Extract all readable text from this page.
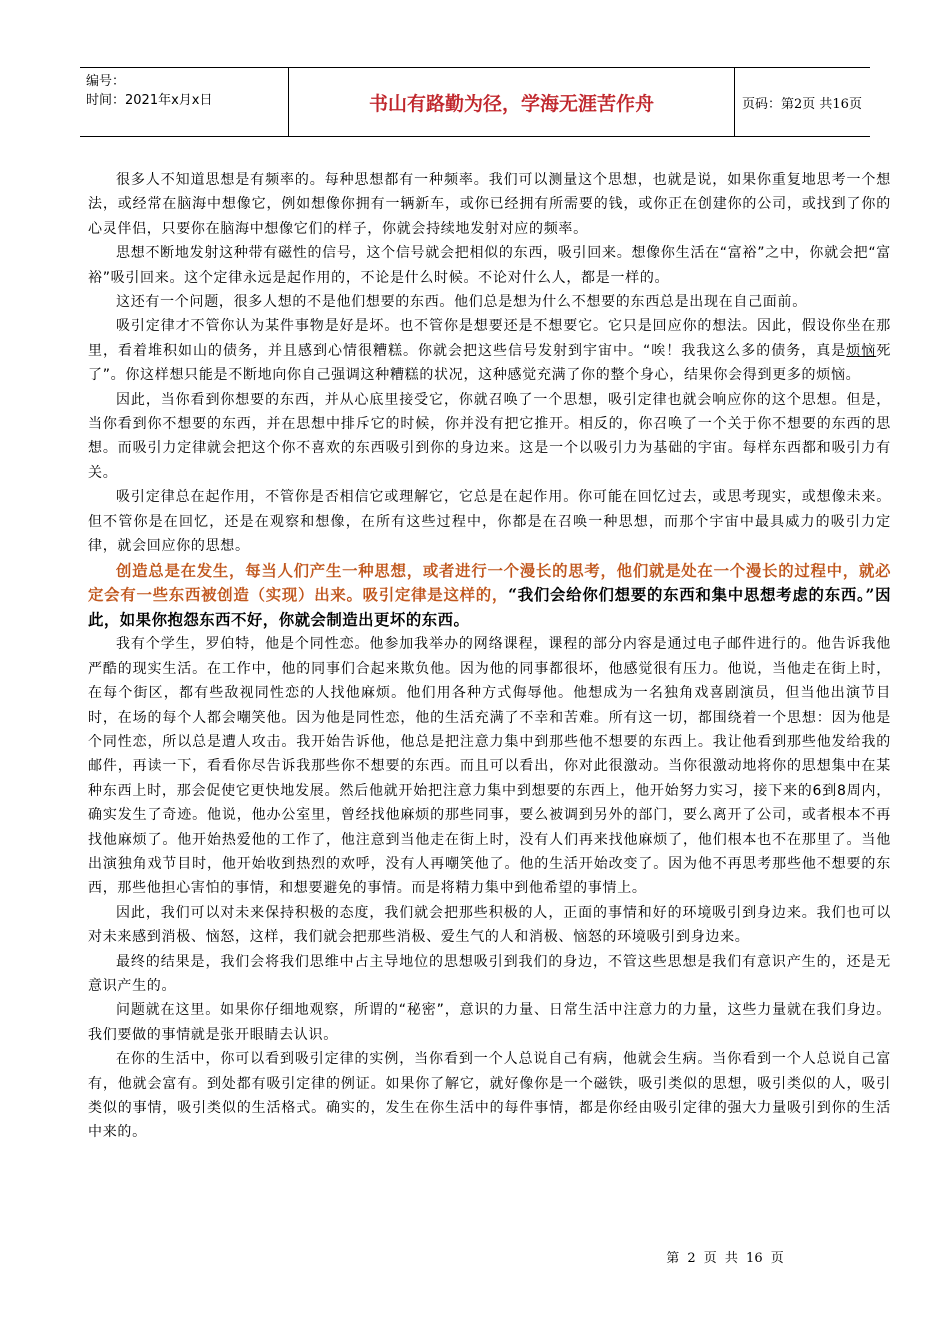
编号：
时间：2021年x月x日	书山有路勤为径，学海无涯苦作舟	页码：第2页 共16页

很多人不知道思想是有频率的。每种思想都有一种频率。我们可以测量这个思想，也就是说，如果你重复地思考一个想法，或经常在脑海中想像它，例如想像你拥有一辆新车，或你已经拥有所需要的钱，或你正在创建你的公司，或找到了你的心灵伴侣，只要你在脑海中想像它们的样子，你就会持续地发射对应的频率。

思想不断地发射这种带有磁性的信号，这个信号就会把相似的东西，吸引回来。想像你生活在“富裕”之中，你就会把“富裕”吸引回来。这个定律永远是起作用的，不论是什么时候。不论对什么人，都是一样的。

这还有一个问题，很多人想的不是他们想要的东西。他们总是想为什么不想要的东西总是出现在自己面前。

吸引定律才不管你认为某件事物是好是坏。也不管你是想要还是不想要它。它只是回应你的想法。因此，假设你坐在那里，看着堆积如山的债务，并且感到心情很糟糕。你就会把这些信号发射到宇宙中。“唉！我我这么多的债务，真是烦恼死了”。你这样想只能是不断地向你自己强调这种糟糕的状况，这种感觉充满了你的整个身心，结果你会得到更多的烦恼。

因此，当你看到你想要的东西，并从心底里接受它，你就召唤了一个思想，吸引定律也就会响应你的这个思想。但是，当你看到你不想要的东西，并在思想中排斥它的时候，你并没有把它推开。相反的，你召唤了一个关于你不想要的东西的思想。而吸引力定律就会把这个你不喜欢的东西吸引到你的身边来。这是一个以吸引力为基础的宇宙。每样东西都和吸引力有关。

吸引定律总在起作用，不管你是否相信它或理解它，它总是在起作用。你可能在回忆过去，或思考现实，或想像未来。但不管你是在回忆，还是在观察和想像，在所有这些过程中，你都是在召唤一种思想，而那个宇宙中最具威力的吸引力定律，就会回应你的思想。

创造总是在发生，每当人们产生一种思想，或者进行一个漫长的思考，他们就是处在一个漫长的过程中，就必定会有一些东西被创造（实现）出来。吸引定律是这样的，“我们会给你们想要的东西和集中思想考虑的东西。”因此，如果你抱怨东西不好，你就会制造出更坏的东西。

我有个学生，罗伯特，他是个同性恋。他参加我举办的网络课程，课程的部分内容是通过电子邮件进行的。他告诉我他严酷的现实生活。在工作中，他的同事们合起来欺负他。因为他的同事都很坏，他感觉很有压力。他说，当他走在街上时，在每个街区，都有些敌视同性恋的人找他麻烦。他们用各种方式侮辱他。他想成为一名独角戏喜剧演员，但当他出演节目时，在场的每个人都会嘲笑他。因为他是同性恋，他的生活充满了不幸和苦难。所有这一切，都围绕着一个思想：因为他是个同性恋，所以总是遭人攻击。我开始告诉他，他总是把注意力集中到那些他不想要的东西上。我让他看到那些他发给我的邮件，再读一下，看看你尽告诉我那些你不想要的东西。而且可以看出，你对此很激动。当你很激动地将你的思想集中在某种东西上时，那会促使它更快地发展。然后他就开始把注意力集中到想要的东西上，他开始努力实习，接下来的6到8周内，确实发生了奇迹。他说，他办公室里，曾经找他麻烦的那些同事，要么被调到另外的部门，要么离开了公司，或者根本不再找他麻烦了。他开始热爱他的工作了，他注意到当他走在街上时，没有人们再来找他麻烦了，他们根本也不在那里了。当他出演独角戏节目时，他开始收到热烈的欢呼，没有人再嘲笑他了。他的生活开始改变了。因为他不再思考那些他不想要的东西，那些他担心害怕的事情，和想要避免的事情。而是将精力集中到他希望的事情上。

因此，我们可以对未来保持积极的态度，我们就会把那些积极的人，正面的事情和好的环境吸引到身边来。我们也可以对未来感到消极、恼怒，这样，我们就会把那些消极、爱生气的人和消极、恼怒的环境吸引到身边来。

最终的结果是，我们会将我们思维中占主导地位的思想吸引到我们的身边，不管这些思想是我们有意识产生的，还是无意识产生的。

问题就在这里。如果你仔细地观察，所谓的“秘密”，意识的力量、日常生活中注意力的力量，这些力量就在我们身边。我们要做的事情就是张开眼睛去认识。

在你的生活中，你可以看到吸引定律的实例，当你看到一个人总说自己有病，他就会生病。当你看到一个人总说自己富有，他就会富有。到处都有吸引定律的例证。如果你了解它，就好像你是一个磁铁，吸引类似的思想，吸引类似的人，吸引类似的事情，吸引类似的生活格式。确实的，发生在你生活中的每件事情，都是你经由吸引定律的强大力量吸引到你的生活中来的。

第 2 页 共 16 页
